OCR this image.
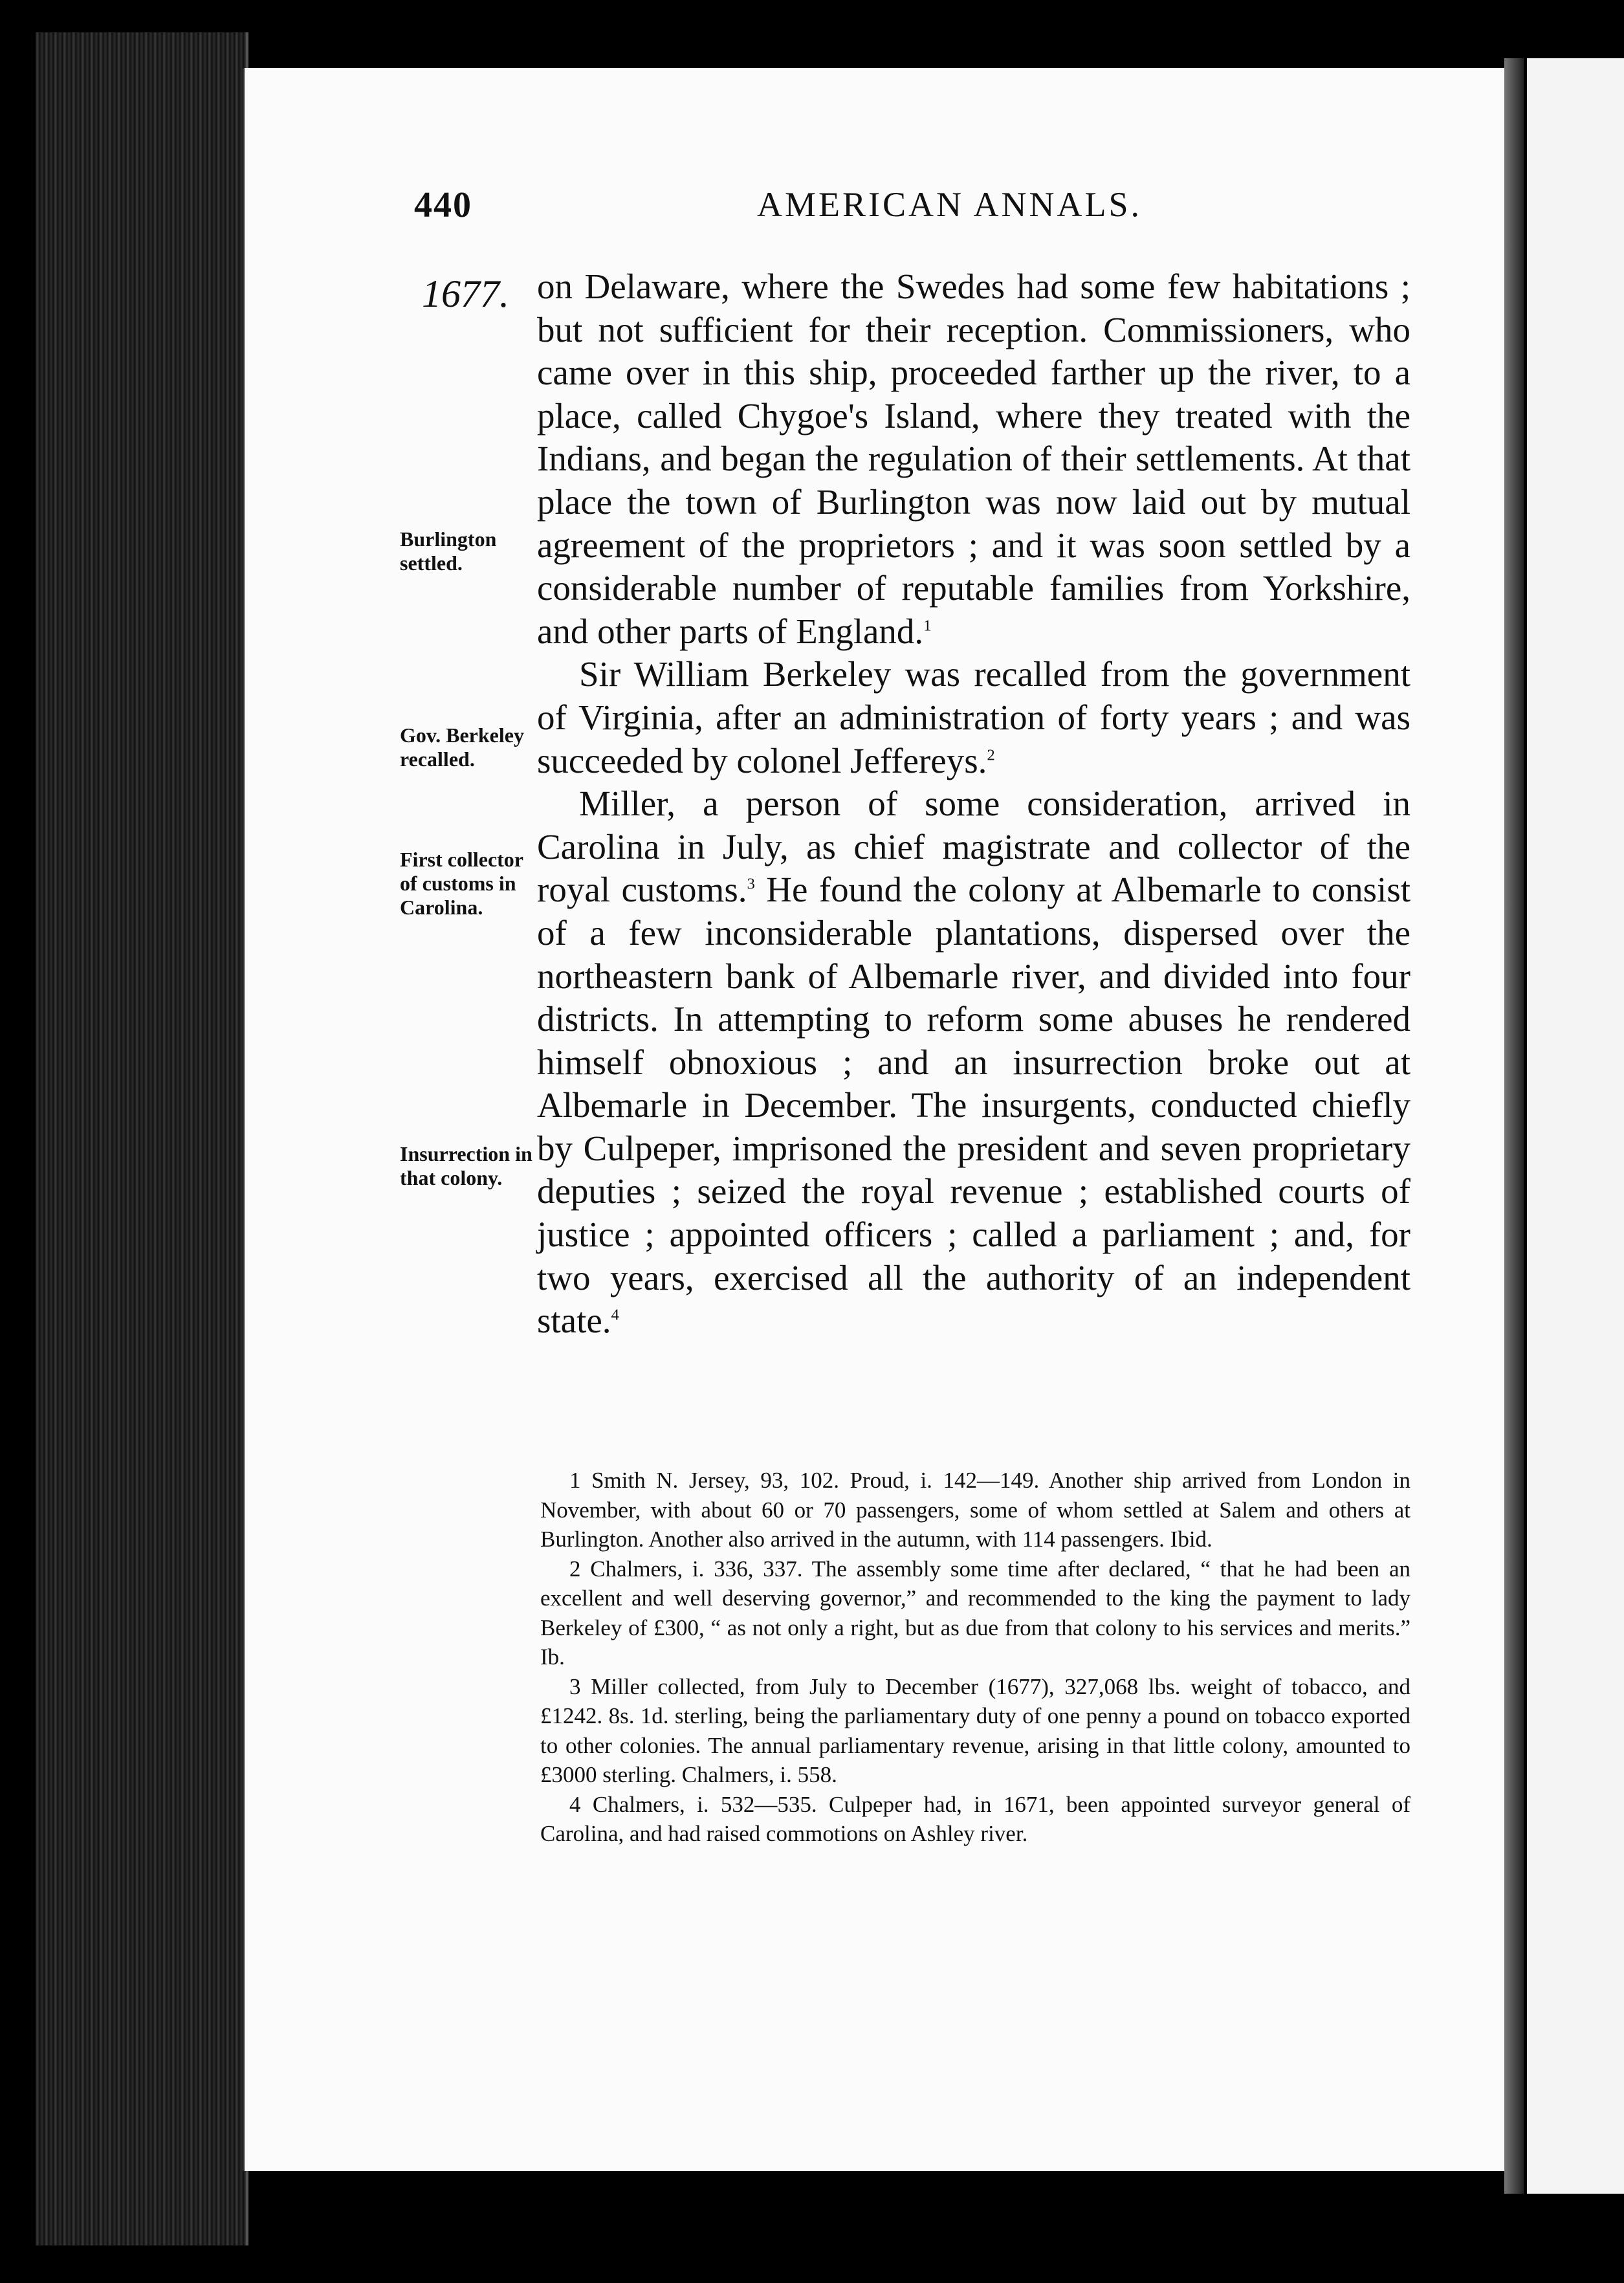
440	AMERICAN ANNALS.
1677.
Burlington settled.
Gov. Berkeley recalled.
First collector of customs in Carolina.
Insurrection in that colony.

on Delaware, where the Swedes had some few habitations ; but not sufficient for their reception. Commissioners, who came over in this ship, proceeded farther up the river, to a place, called Chygoe's Island, where they treated with the Indians, and began the regulation of their settlements. At that place the town of Burlington was now laid out by mutual agreement of the proprietors ; and it was soon settled by a considerable number of reputable families from Yorkshire, and other parts of England.$^1$

Sir William Berkeley was recalled from the government of Virginia, after an administration of forty years ; and was succeeded by colonel Jeffereys.$^2$

Miller, a person of some consideration, arrived in Carolina in July, as chief magistrate and collector of the royal customs.$^3$ He found the colony at Albemarle to consist of a few inconsiderable plantations, dispersed over the northeastern bank of Albemarle river, and divided into four districts. In attempting to reform some abuses he rendered himself obnoxious ; and an insurrection broke out at Albemarle in December. The insurgents, conducted chiefly by Culpeper, imprisoned the president and seven proprietary deputies ; seized the royal revenue ; established courts of justice ; appointed officers ; called a parliament ; and, for two years, exercised all the authority of an independent state.$^4$

1 Smith N. Jersey, 93, 102. Proud, i. 142—149. Another ship arrived from London in November, with about 60 or 70 passengers, some of whom settled at Salem and others at Burlington. Another also arrived in the autumn, with 114 passengers. Ibid.

2 Chalmers, i. 336, 337. The assembly some time after declared, “ that he had been an excellent and well deserving governor,” and recommended to the king the payment to lady Berkeley of £300, “ as not only a right, but as due from that colony to his services and merits.” Ib.

3 Miller collected, from July to December (1677), 327,068 lbs. weight of tobacco, and £1242. 8s. 1d. sterling, being the parliamentary duty of one penny a pound on tobacco exported to other colonies. The annual parliamentary revenue, arising in that little colony, amounted to £3000 sterling. Chalmers, i. 558.

4 Chalmers, i. 532—535. Culpeper had, in 1671, been appointed surveyor general of Carolina, and had raised commotions on Ashley river.
